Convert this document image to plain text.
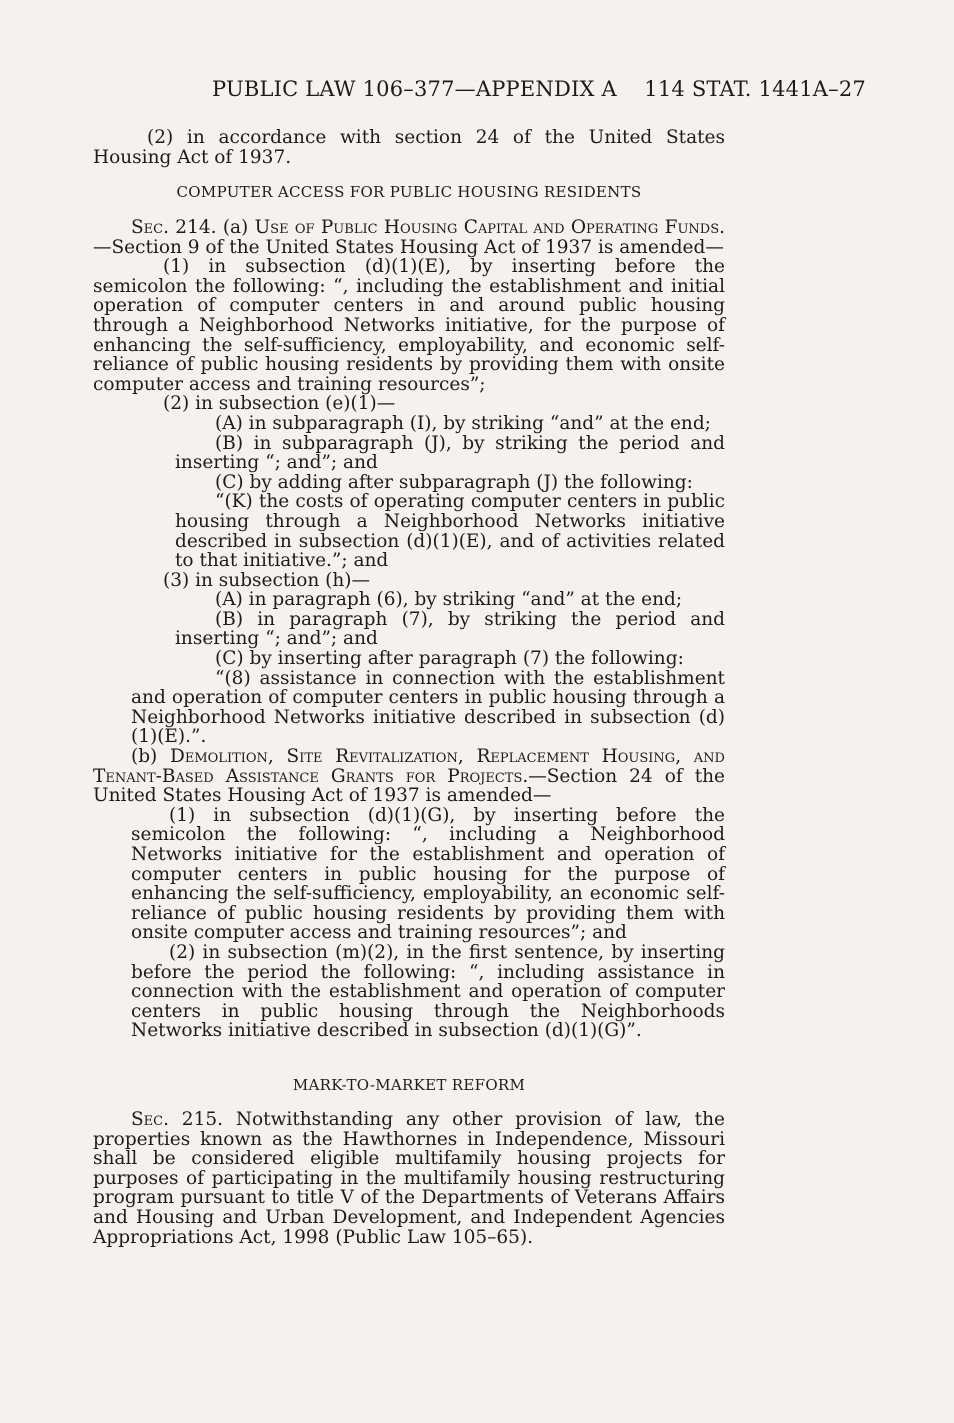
PUBLIC LAW 106–377—APPENDIX A 114 STAT. 1441A–27

(2) in accordance with section 24 of the United States Housing Act of 1937.

COMPUTER ACCESS FOR PUBLIC HOUSING RESIDENTS

Sec. 214. (a) Use of Public Housing Capital and Operating Funds.—Section 9 of the United States Housing Act of 1937 is amended—

(1) in subsection (d)(1)(E), by inserting before the semicolon the following: “, including the establishment and initial operation of computer centers in and around public housing through a Neighborhood Networks initiative, for the purpose of enhancing the self-sufficiency, employability, and economic self-reliance of public housing residents by providing them with onsite computer access and training resources”;

(2) in subsection (e)(1)—

(A) in subparagraph (I), by striking “and” at the end;

(B) in subparagraph (J), by striking the period and inserting “; and”; and

(C) by adding after subparagraph (J) the following:

“(K) the costs of operating computer centers in public housing through a Neighborhood Networks initiative described in subsection (d)(1)(E), and of activities related to that initiative.”; and

(3) in subsection (h)—

(A) in paragraph (6), by striking “and” at the end;

(B) in paragraph (7), by striking the period and inserting “; and”; and

(C) by inserting after paragraph (7) the following:

“(8) assistance in connection with the establishment and operation of computer centers in public housing through a Neighborhood Networks initiative described in subsection (d)(1)(E).”.

(b) Demolition, Site Revitalization, Replacement Housing, and Tenant-Based Assistance Grants for Projects.—Section 24 of the United States Housing Act of 1937 is amended—

(1) in subsection (d)(1)(G), by inserting before the semicolon the following: “, including a Neighborhood Networks initiative for the establishment and operation of computer centers in public housing for the purpose of enhancing the self-sufficiency, employability, an economic self-reliance of public housing residents by providing them with onsite computer access and training resources”; and

(2) in subsection (m)(2), in the first sentence, by inserting before the period the following: “, including assistance in connection with the establishment and operation of computer centers in public housing through the Neighborhoods Networks initiative described in subsection (d)(1)(G)”.

MARK-TO-MARKET REFORM

Sec. 215. Notwithstanding any other provision of law, the properties known as the Hawthornes in Independence, Missouri shall be considered eligible multifamily housing projects for purposes of participating in the multifamily housing restructuring program pursuant to title V of the Departments of Veterans Affairs and Housing and Urban Development, and Independent Agencies Appropriations Act, 1998 (Public Law 105–65).
